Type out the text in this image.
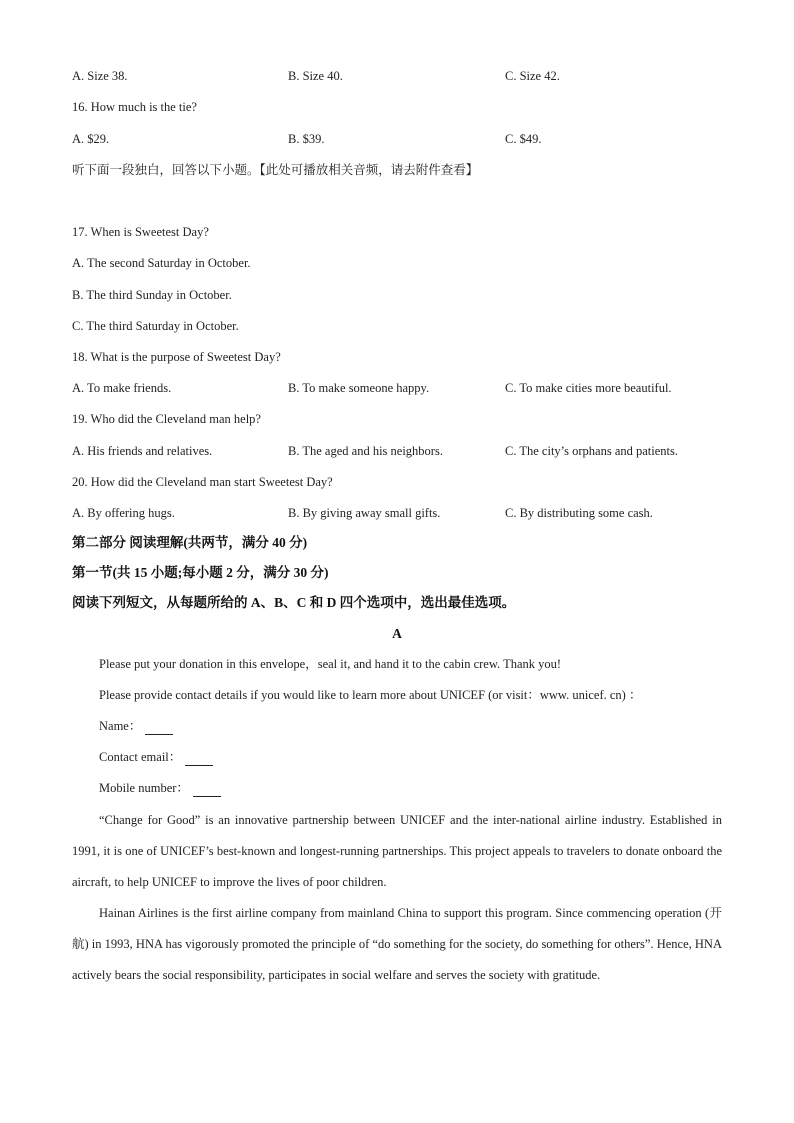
A. Size 38.	B. Size 40.	C. Size 42.
16. How much is the tie?
A. $29.	B. $39.	C. $49.
听下面一段独白，回答以下小题。【此处可播放相关音频，请去附件查看】
17. When is Sweetest Day?
A. The second Saturday in October.
B. The third Sunday in October.
C. The third Saturday in October.
18. What is the purpose of Sweetest Day?
A. To make friends.	B. To make someone happy.	C. To make cities more beautiful.
19. Who did the Cleveland man help?
A. His friends and relatives.	B. The aged and his neighbors.	C. The city’s orphans and patients.
20. How did the Cleveland man start Sweetest Day?
A. By offering hugs.	B. By giving away small gifts.	C. By distributing some cash.
第二部分 阅读理解(共两节，满分 40 分)
第一节(共 15 小题;每小题 2 分，满分 30 分)
阅读下列短文，从每题所给的 A、B、C 和 D 四个选项中，选出最佳选项。
A
Please put your donation in this envelope，seal it, and hand it to the cabin crew. Thank you!
Please provide contact details if you would like to learn more about UNICEF (or visit：www. unicef. cn) ：
Name：
Contact email：
Mobile number：
“Change for Good” is an innovative partnership between UNICEF and the inter-national airline industry. Established in 1991, it is one of UNICEF’s best-known and longest-running partnerships. This project appeals to travelers to donate onboard the aircraft, to help UNICEF to improve the lives of poor children.
Hainan Airlines is the first airline company from mainland China to support this program. Since commencing operation (开航) in 1993, HNA has vigorously promoted the principle of “do something for the society, do something for others”. Hence, HNA actively bears the social responsibility, participates in social welfare and serves the society with gratitude.
